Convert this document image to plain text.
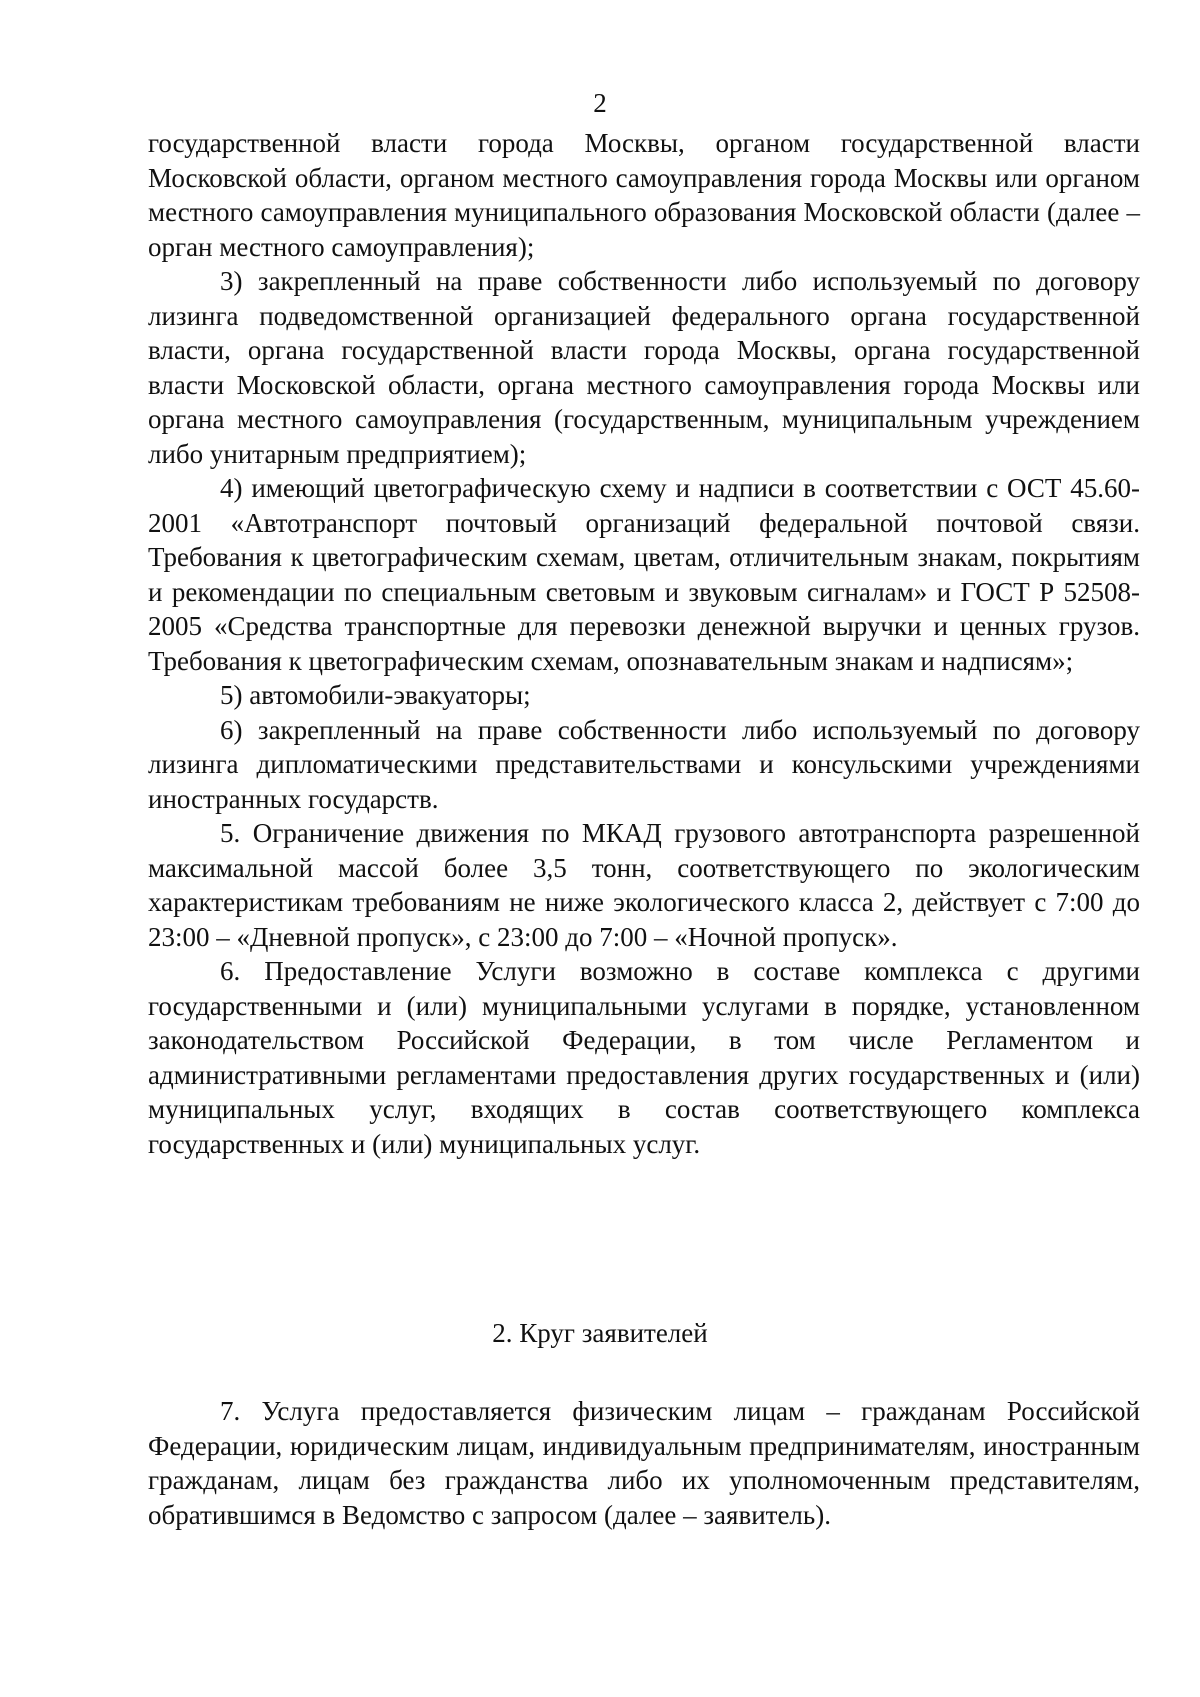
2

государственной власти города Москвы, органом государственной власти Московской области, органом местного самоуправления города Москвы или органом местного самоуправления муниципального образования Московской области (далее – орган местного самоуправления);

3) закрепленный на праве собственности либо используемый по договору лизинга подведомственной организацией федерального органа государственной власти, органа государственной власти города Москвы, органа государственной власти Московской области, органа местного самоуправления города Москвы или органа местного самоуправления (государственным, муниципальным учреждением либо унитарным предприятием);

4) имеющий цветографическую схему и надписи в соответствии с ОСТ 45.60-2001 «Автотранспорт почтовый организаций федеральной почтовой связи. Требования к цветографическим схемам, цветам, отличительным знакам, покрытиям и рекомендации по специальным световым и звуковым сигналам» и ГОСТ Р 52508-2005 «Средства транспортные для перевозки денежной выручки и ценных грузов. Требования к цветографическим схемам, опознавательным знакам и надписям»;

5) автомобили-эвакуаторы;

6) закрепленный на праве собственности либо используемый по договору лизинга дипломатическими представительствами и консульскими учреждениями иностранных государств.

5. Ограничение движения по МКАД грузового автотранспорта разрешенной максимальной массой более 3,5 тонн, соответствующего по экологическим характеристикам требованиям не ниже экологического класса 2, действует с 7:00 до 23:00 – «Дневной пропуск», с 23:00 до 7:00 – «Ночной пропуск».

6. Предоставление Услуги возможно в составе комплекса с другими государственными и (или) муниципальными услугами в порядке, установленном законодательством Российской Федерации, в том числе Регламентом и административными регламентами предоставления других государственных и (или) муниципальных услуг, входящих в состав соответствующего комплекса государственных и (или) муниципальных услуг.

2. Круг заявителей

7. Услуга предоставляется физическим лицам – гражданам Российской Федерации, юридическим лицам, индивидуальным предпринимателям, иностранным гражданам, лицам без гражданства либо их уполномоченным представителям, обратившимся в Ведомство с запросом (далее – заявитель).
